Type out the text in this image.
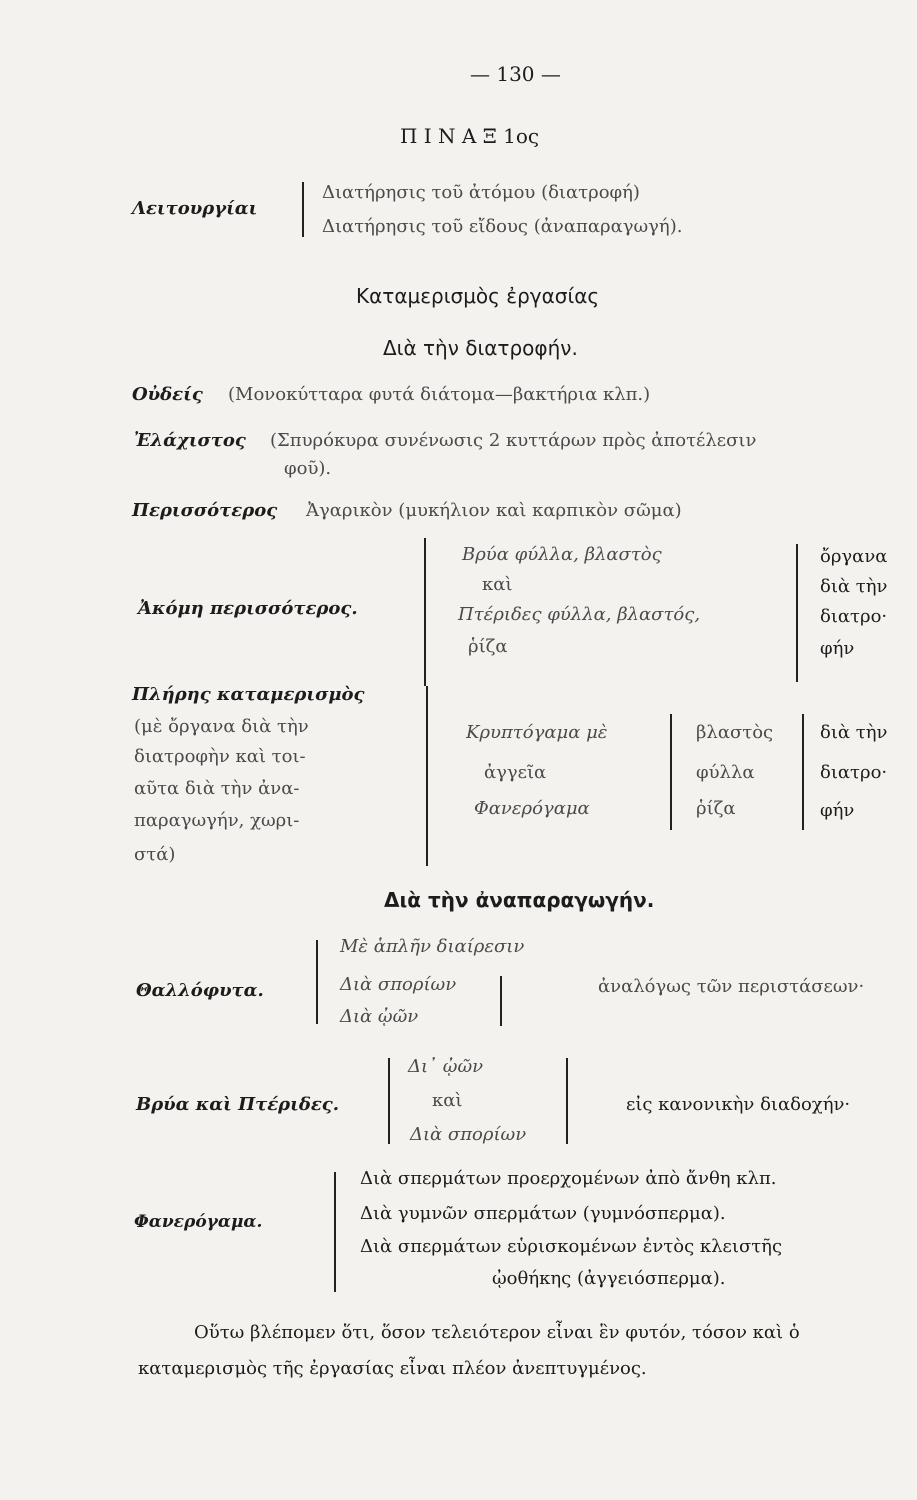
— 130 —
Π Ι Ν Α Ξ 1ος
Λειτουργίαι
Διατήρησις τοῦ ἀτόμου (διατροφή)
Διατήρησις τοῦ εἴδους (ἀναπαραγωγή).
Καταμερισμὸς ἐργασίας
Διὰ τὴν διατροφήν.
Οὐδείς (Μονοκύτταρα φυτά διάτομα—βακτήρια κλπ.)
Ἐλάχιστος (Σπυρόκυρα συνένωσις 2 κυττάρων πρὸς ἀποτέλεσιν
φοῦ).
Περισσότερος Ἀγαρικὸν (μυκήλιον καὶ καρπικὸν σῶμα)
Ἀκόμη περισσότερος.
Βρύα φύλλα, βλαστὸς
καὶ
Πτέριδες φύλλα, βλαστός,
ῥίζα
ὄργανα
διὰ τὴν
διατρο·
φήν
Πλήρης καταμερισμὸς
(μὲ ὄργανα διὰ τὴν
διατροφὴν καὶ τοι-
αῦτα διὰ τὴν ἀνα-
παραγωγήν, χωρι-
στά)
Κρυπτόγαμα μὲ
ἀγγεῖα
Φανερόγαμα
βλαστὸς
φύλλα
ῥίζα
διὰ τὴν
διατρο·
φήν
Διὰ τὴν ἀναπαραγωγήν.
Θαλλόφυτα.
Μὲ ἁπλῆν διαίρεσιν
Διὰ σπορίων
Διὰ ᾠῶν
ἀναλόγως τῶν περιστάσεων·
Βρύα καὶ Πτέριδες.
Δι᾽ ᾠῶν
καὶ
Διὰ σπορίων
εἰς κανονικὴν διαδοχήν·
Φανερόγαμα.
Διὰ σπερμάτων προερχομένων ἀπὸ ἄνθη κλπ.
Διὰ γυμνῶν σπερμάτων (γυμνόσπερμα).
Διὰ σπερμάτων εὑρισκομένων ἐντὸς κλειστῆς
ᾠοθήκης (ἀγγειόσπερμα).
Οὕτω βλέπομεν ὅτι, ὅσον τελειότερον εἶναι ἓν φυτόν, τόσον καὶ ὁ
καταμερισμὸς τῆς ἐργασίας εἶναι πλέον ἀνεπτυγμένος.
